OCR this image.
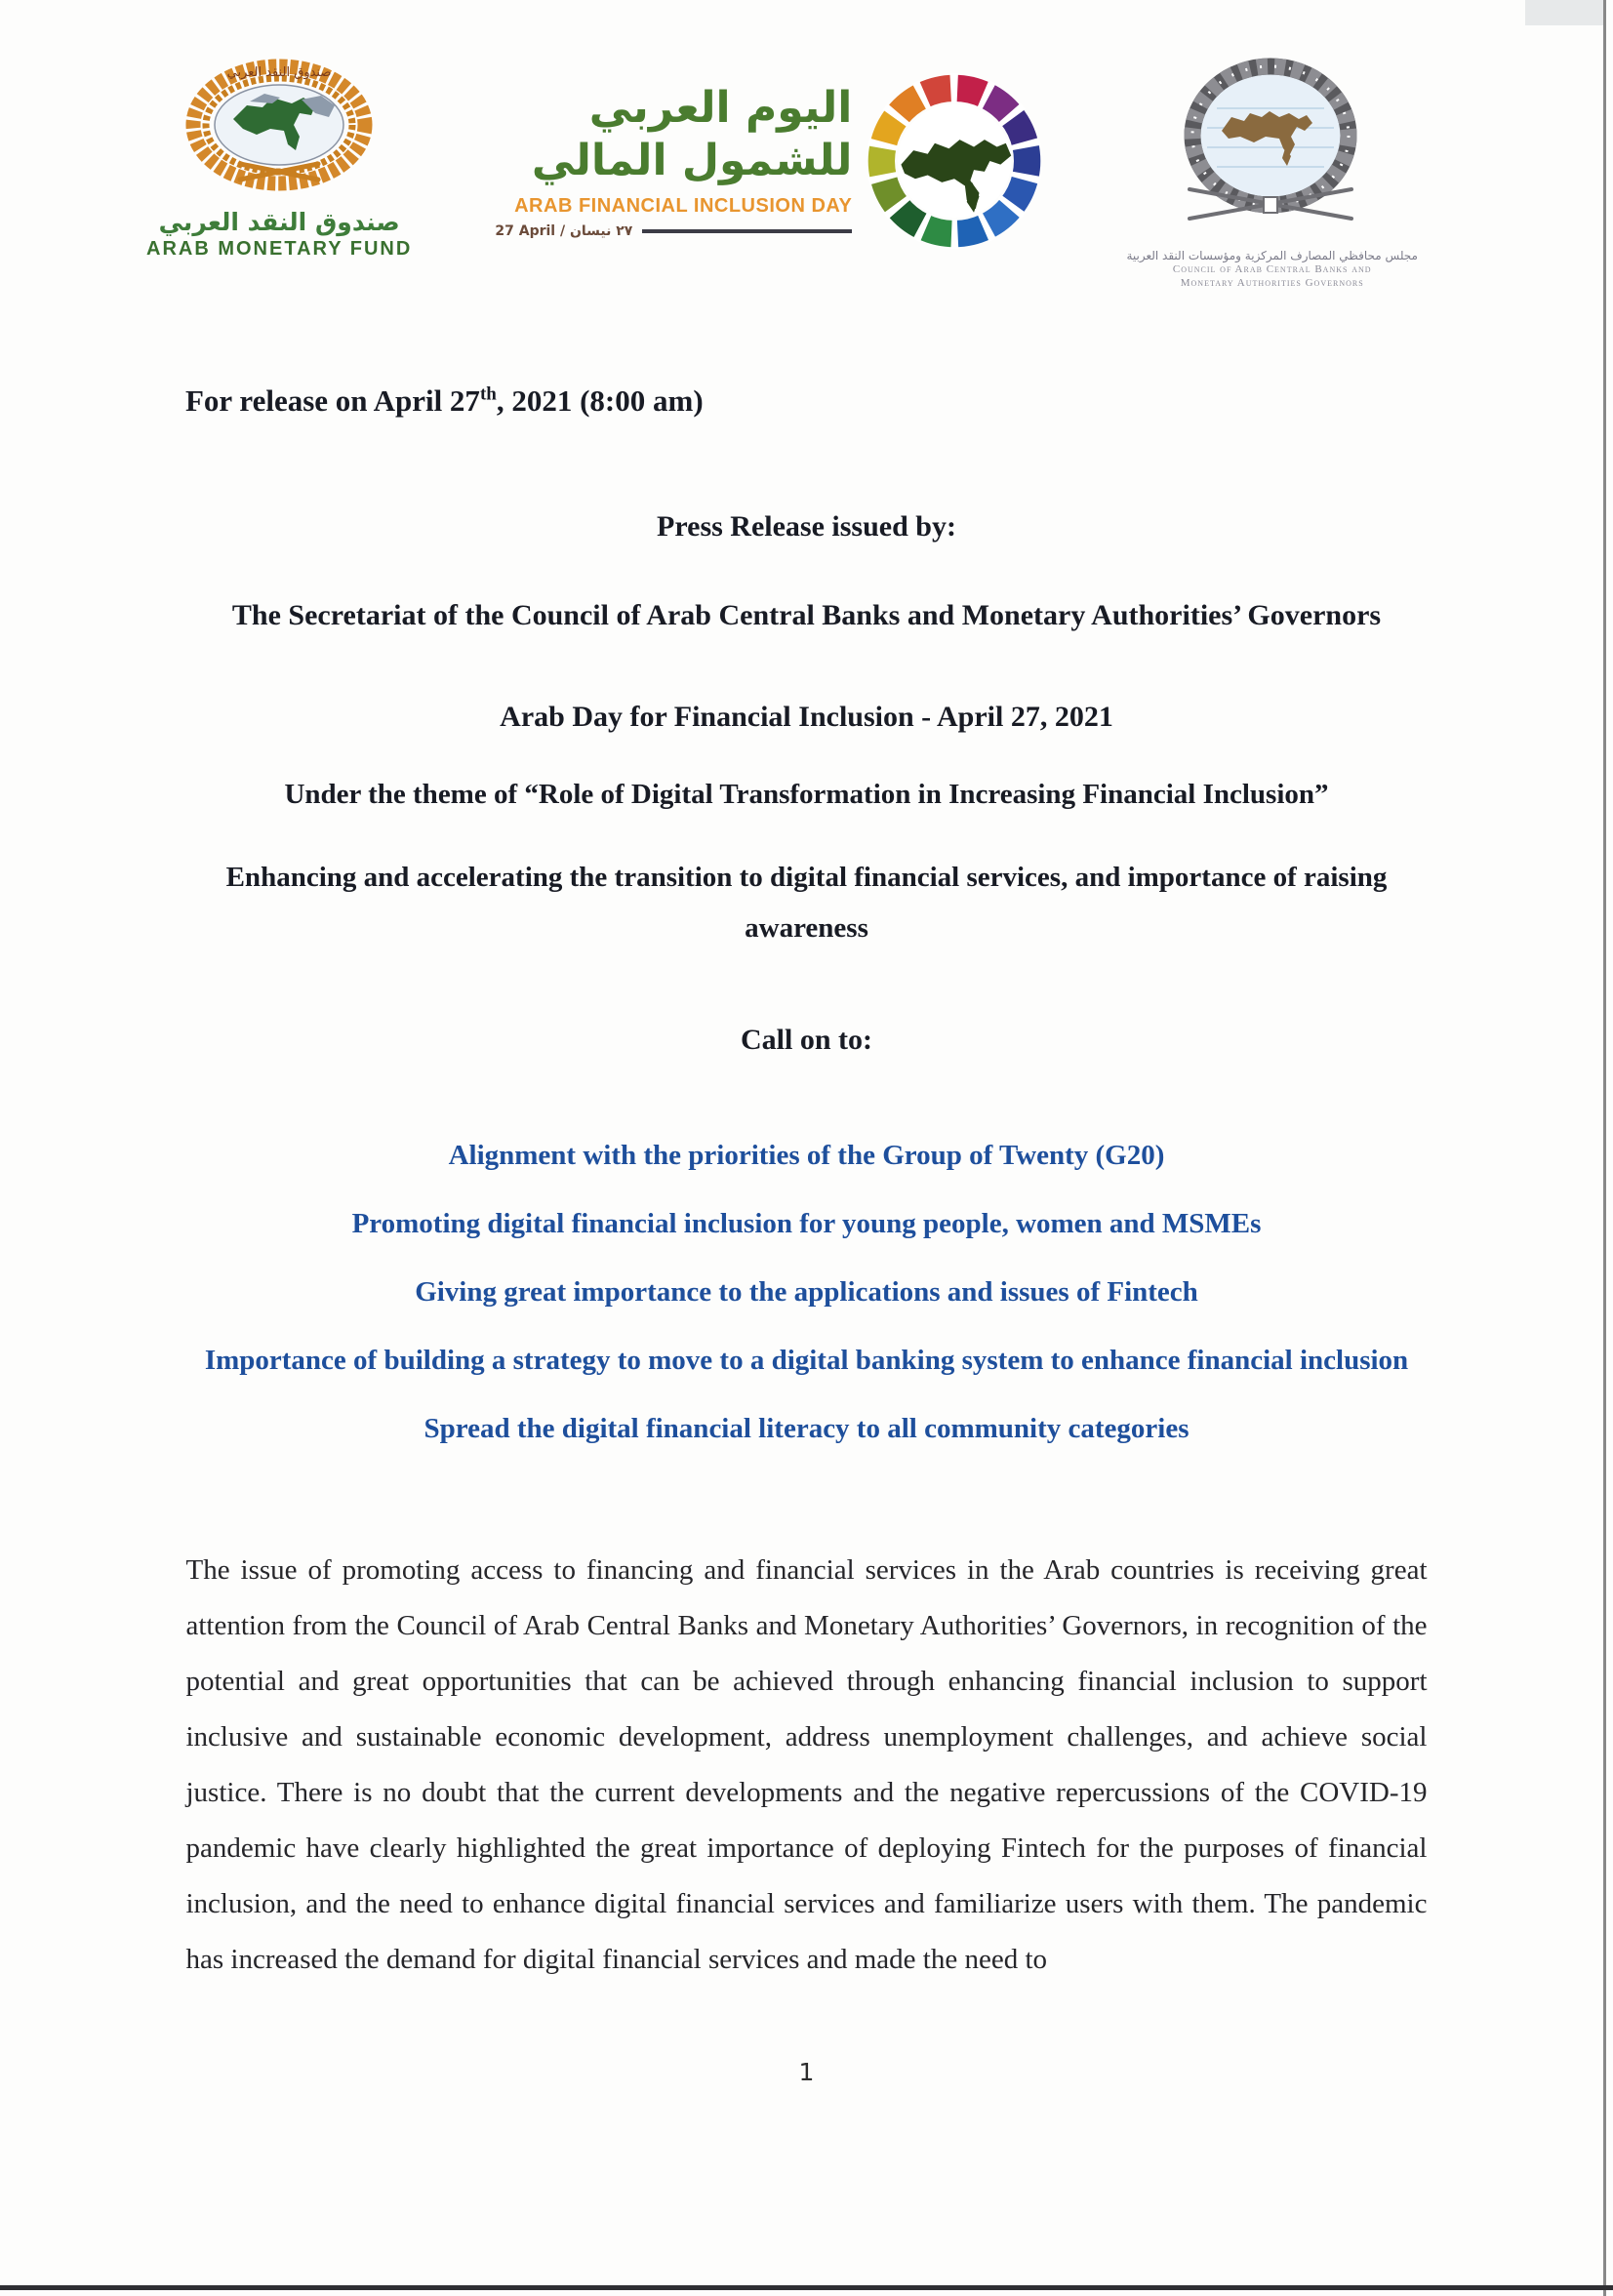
صندوق النقد العربي
صندوق النقد العربي
ARAB MONETARY FUND
اليوم العربي
للشمول المالي
ARAB FINANCIAL INCLUSION DAY
27 April / ٢٧ نيسان
مجلس محافظي المصارف المركزية ومؤسسات النقد العربية
Council of Arab Central Banks and
Monetary Authorities Governors
For release on April 27th, 2021 (8:00 am)
Press Release issued by:
The Secretariat of the Council of Arab Central Banks and Monetary Authorities’ Governors
Arab Day for Financial Inclusion - April 27, 2021
Under the theme of “Role of Digital Transformation in Increasing Financial Inclusion”
Enhancing and accelerating the transition to digital financial services, and importance of raising awareness
Call on to:
Alignment with the priorities of the Group of Twenty (G20)
Promoting digital financial inclusion for young people, women and MSMEs
Giving great importance to the applications and issues of Fintech
Importance of building a strategy to move to a digital banking system to enhance financial inclusion
Spread the digital financial literacy to all community categories
The issue of promoting access to financing and financial services in the Arab countries is receiving great attention from the Council of Arab Central Banks and Monetary Authorities’ Governors, in recognition of the potential and great opportunities that can be achieved through enhancing financial inclusion to support inclusive and sustainable economic development, address unemployment challenges, and achieve social justice. There is no doubt that the current developments and the negative repercussions of the COVID-19 pandemic have clearly highlighted the great importance of deploying Fintech for the purposes of financial inclusion, and the need to enhance digital financial services and familiarize users with them. The pandemic has increased the demand for digital financial services and made the need to
1
